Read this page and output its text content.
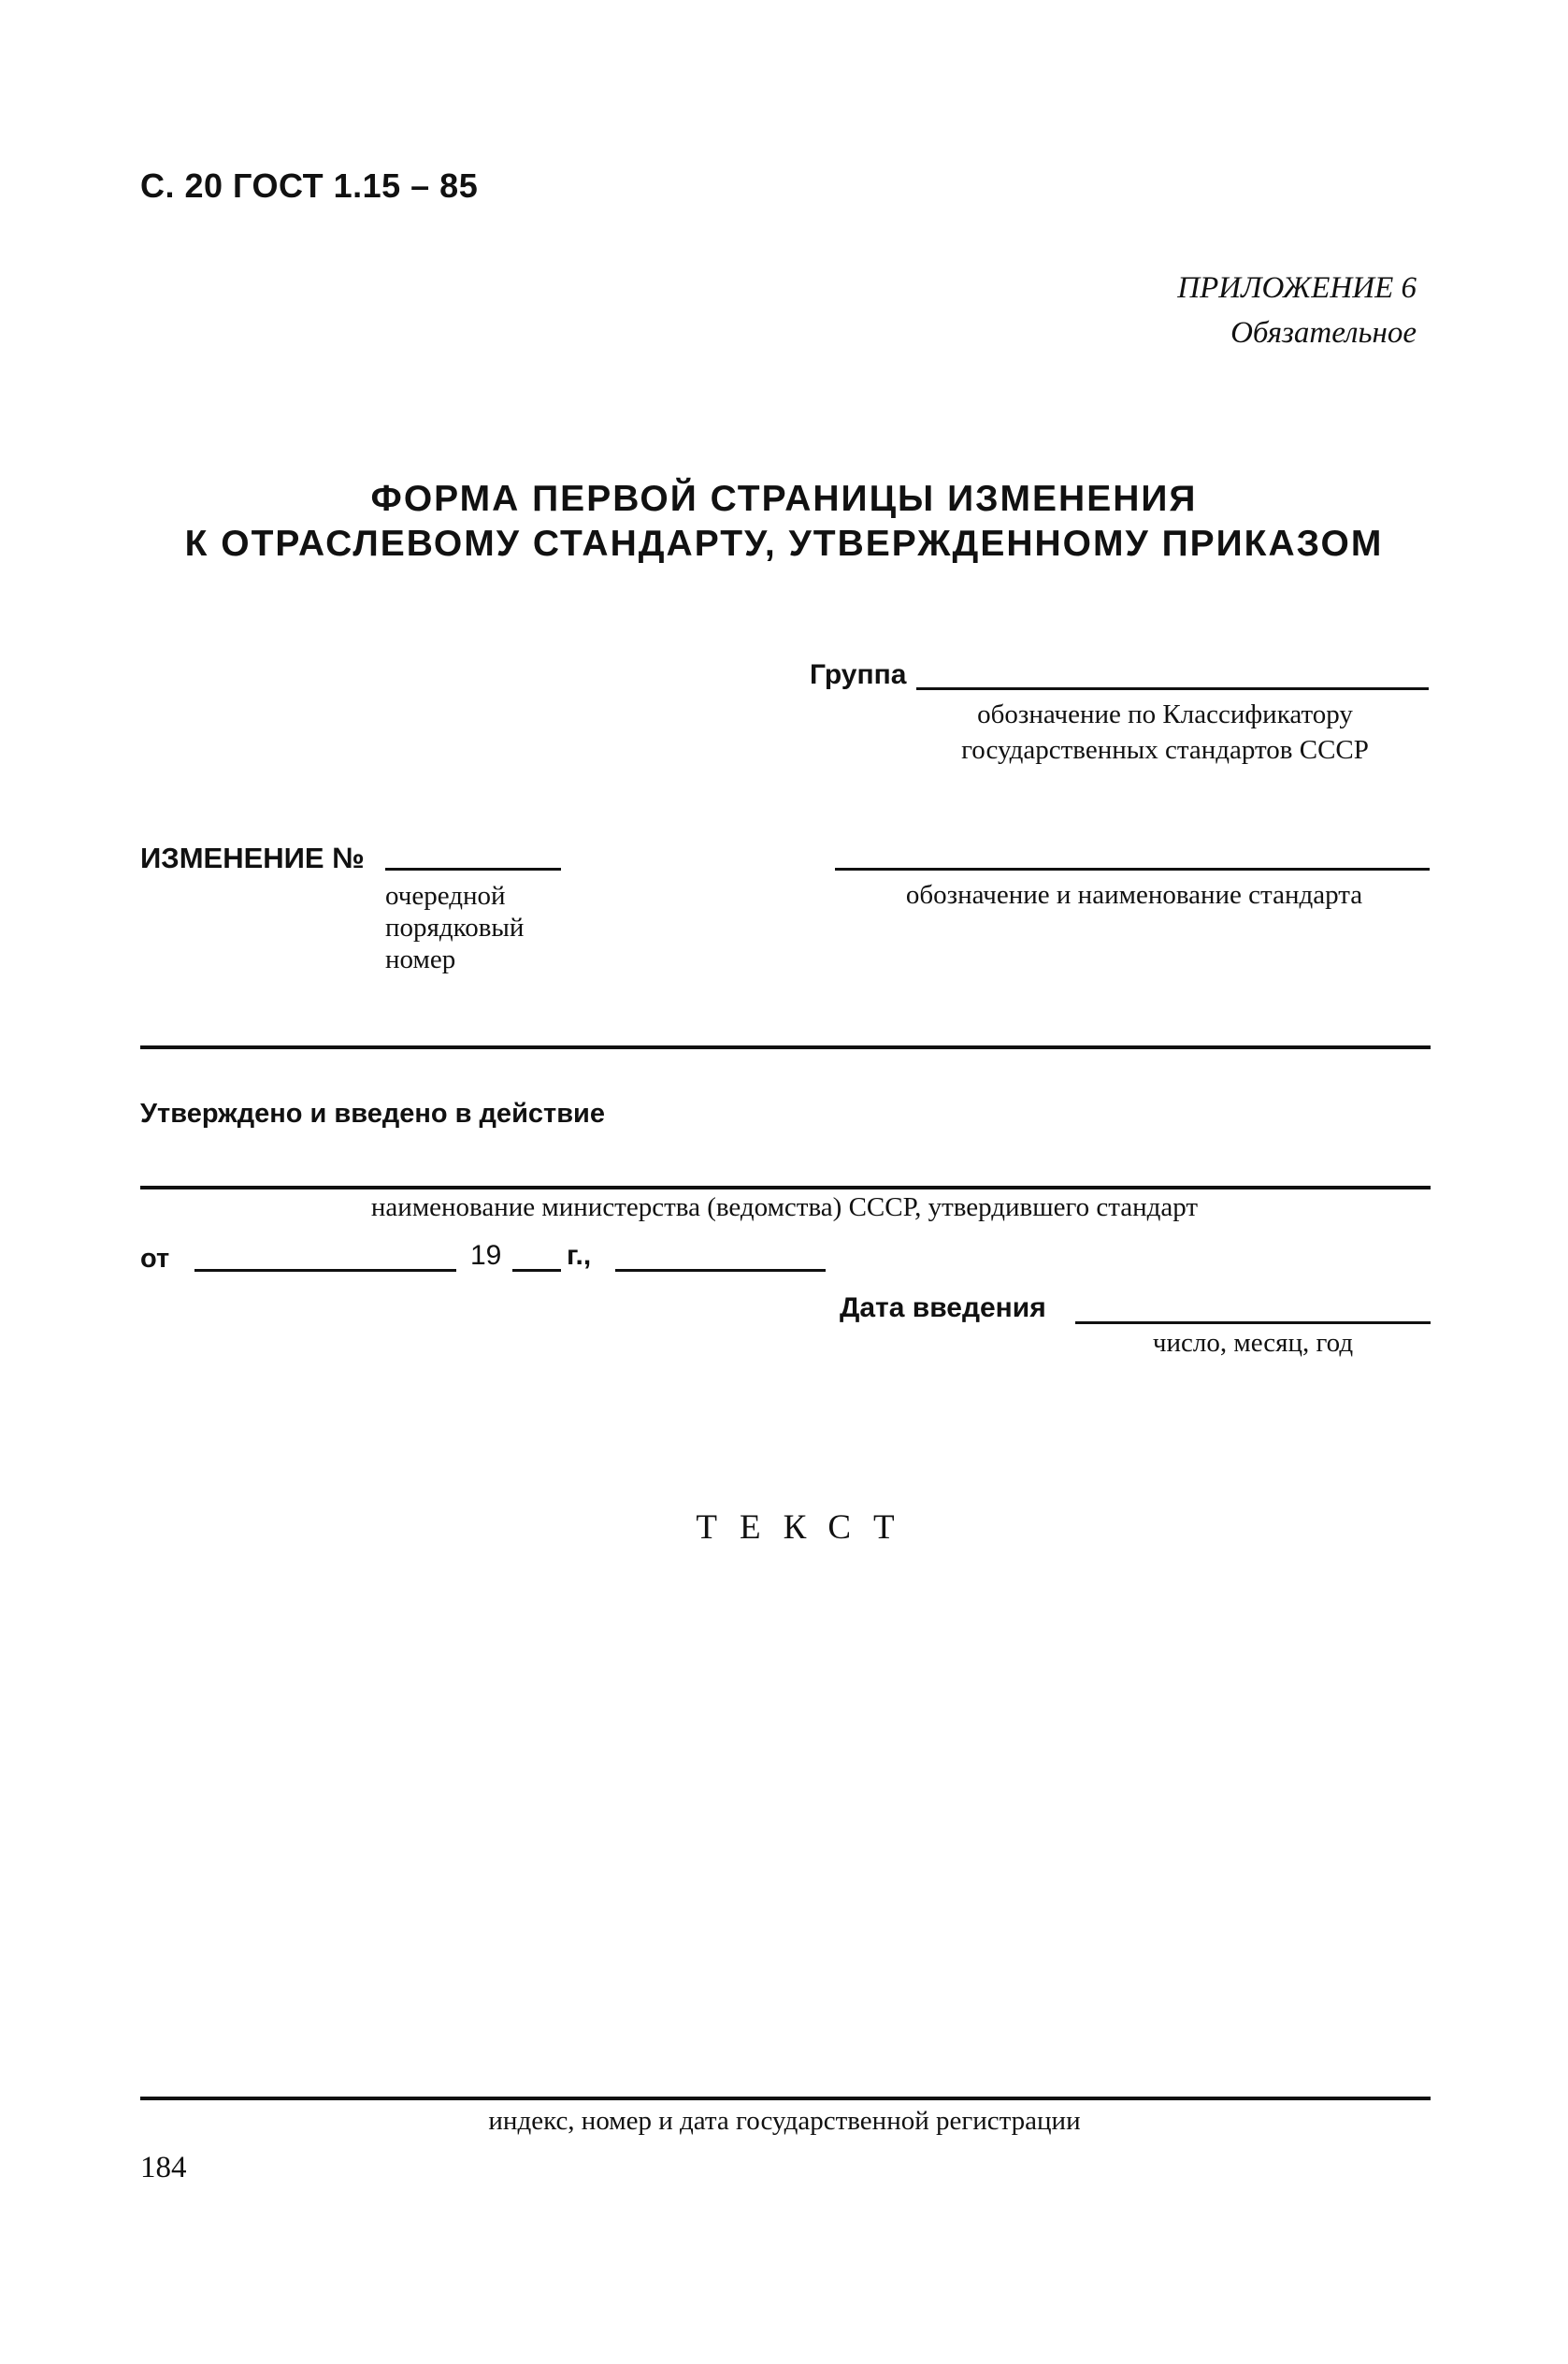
С. 20 ГОСТ 1.15 – 85
ПРИЛОЖЕНИЕ 6
Обязательное
ФОРМА ПЕРВОЙ СТРАНИЦЫ ИЗМЕНЕНИЯ
К ОТРАСЛЕВОМУ СТАНДАРТУ, УТВЕРЖДЕННОМУ ПРИКАЗОМ
Группа
обозначение по Классификатору государственных стандартов СССР
ИЗМЕНЕНИЕ №
очередной
порядковый
номер
обозначение и наименование стандарта
Утверждено и введено в действие
наименование министерства (ведомства) СССР, утвердившего стандарт
от	19 г.,
Дата введения
число, месяц, год
ТЕКСТ
индекс, номер и дата государственной регистрации
184
